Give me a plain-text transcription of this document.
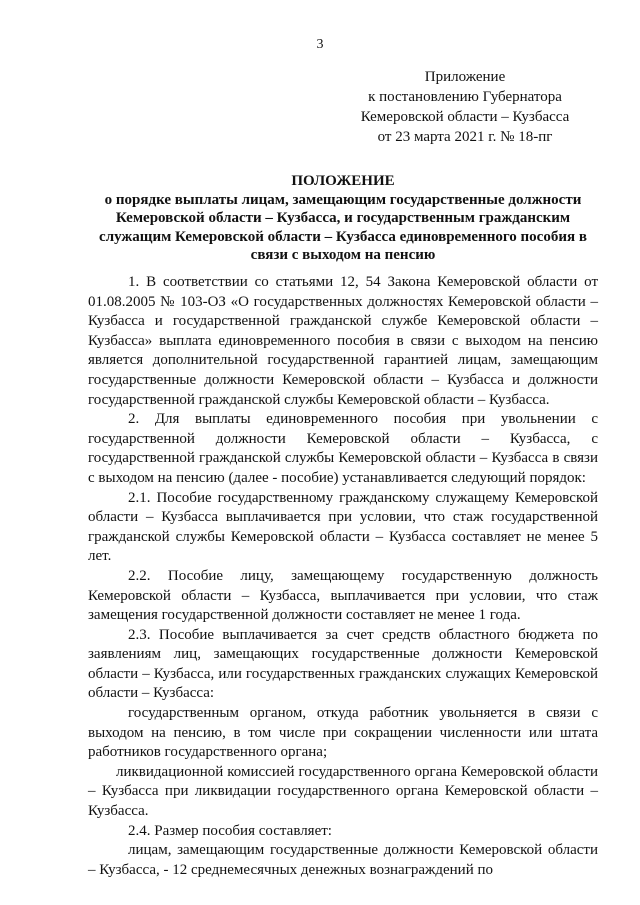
3
Приложение
к постановлению Губернатора
Кемеровской области – Кузбасса
от 23 марта 2021 г. № 18-пг
ПОЛОЖЕНИЕ
о порядке выплаты лицам, замещающим государственные должности Кемеровской области – Кузбасса, и государственным гражданским служащим Кемеровской области – Кузбасса единовременного пособия в связи с выходом на пенсию

1. В соответствии со статьями 12, 54 Закона Кемеровской области от 01.08.2005 № 103-ОЗ «О государственных должностях Кемеровской области – Кузбасса и государственной гражданской службе Кемеровской области – Кузбасса» выплата единовременного пособия в связи с выходом на пенсию является дополнительной государственной гарантией лицам, замещающим государственные должности Кемеровской области – Кузбасса и должности государственной гражданской службы Кемеровской области – Кузбасса.

2. Для выплаты единовременного пособия при увольнении с государственной должности Кемеровской области – Кузбасса, с государственной гражданской службы Кемеровской области – Кузбасса в связи с выходом на пенсию (далее - пособие) устанавливается следующий порядок:

2.1. Пособие государственному гражданскому служащему Кемеровской области – Кузбасса выплачивается при условии, что стаж государственной гражданской службы Кемеровской области – Кузбасса составляет не менее 5 лет.

2.2. Пособие лицу, замещающему государственную должность Кемеровской области – Кузбасса, выплачивается при условии, что стаж замещения государственной должности составляет не менее 1 года.

2.3. Пособие выплачивается за счет средств областного бюджета по заявлениям лиц, замещающих государственные должности Кемеровской области – Кузбасса, или государственных гражданских служащих Кемеровской области – Кузбасса:

государственным органом, откуда работник увольняется в связи с выходом на пенсию, в том числе при сокращении численности или штата работников государственного органа;

ликвидационной комиссией государственного органа Кемеровской области – Кузбасса при ликвидации государственного органа Кемеровской области – Кузбасса.

2.4. Размер пособия составляет:

лицам, замещающим государственные должности Кемеровской области – Кузбасса, - 12 среднемесячных денежных вознаграждений по
